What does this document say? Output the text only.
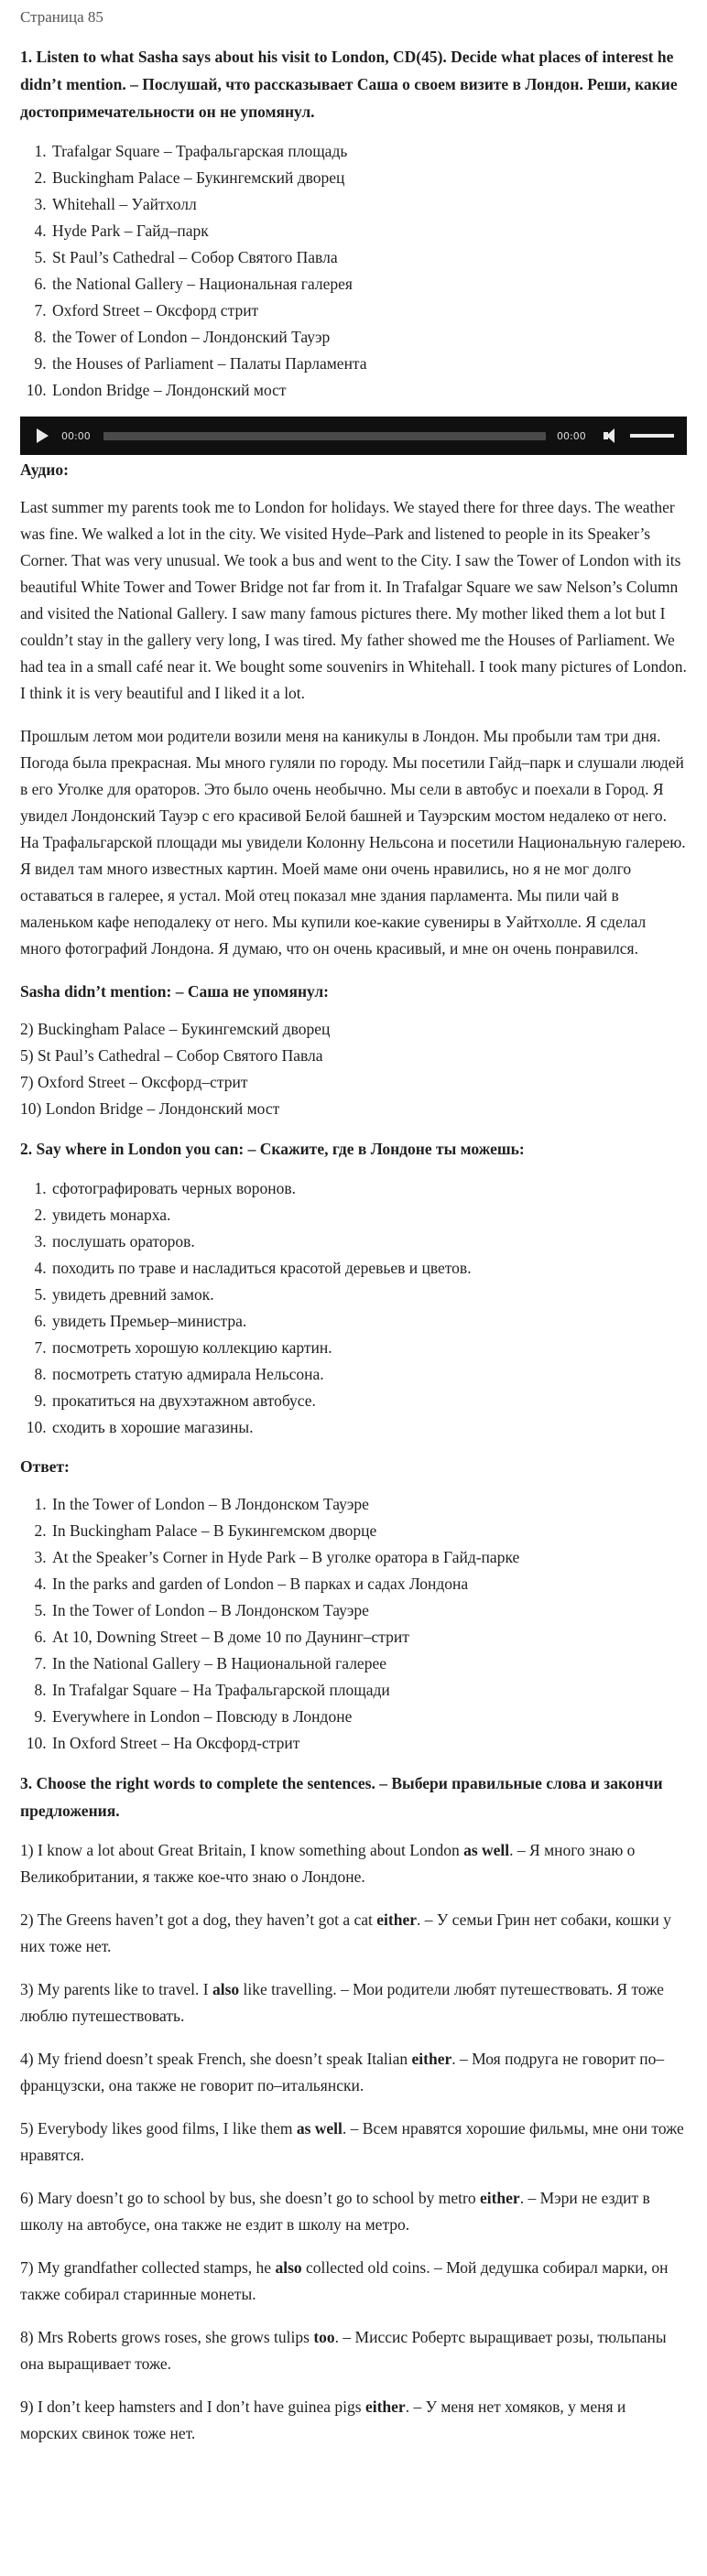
Страница 85
1. Listen to what Sasha says about his visit to London, CD(45). Decide what places of interest he didn’t mention. – Послушай, что рассказывает Саша о своем визите в Лондон. Реши, какие достопримечательности он не упомянул.
1. Trafalgar Square – Трафальгарская площадь
2. Buckingham Palace – Букингемский дворец
3. Whitehall – Уайтхолл
4. Hyde Park – Гайд–парк
5. St Paul’s Cathedral – Собор Святого Павла
6. the National Gallery – Национальная галерея
7. Oxford Street – Оксфорд стрит
8. the Tower of London – Лондонский Тауэр
9. the Houses of Parliament – Палаты Парламента
10. London Bridge – Лондонский мост
00:00	00:00
Аудио:

Last summer my parents took me to London for holidays. We stayed there for three days. The weather was fine. We walked a lot in the city. We visited Hyde–Park and listened to people in its Speaker’s Corner. That was very unusual. We took a bus and went to the City. I saw the Tower of London with its beautiful White Tower and Tower Bridge not far from it. In Trafalgar Square we saw Nelson’s Column and visited the National Gallery. I saw many famous pictures there. My mother liked them a lot but I couldn’t stay in the gallery very long, I was tired. My father showed me the Houses of Parliament. We had tea in a small café near it. We bought some souvenirs in Whitehall. I took many pictures of London. I think it is very beautiful and I liked it a lot.

Прошлым летом мои родители возили меня на каникулы в Лондон. Мы пробыли там три дня. Погода была прекрасная. Мы много гуляли по городу. Мы посетили Гайд–парк и слушали людей в его Уголке для ораторов. Это было очень необычно. Мы сели в автобус и поехали в Город. Я увидел Лондонский Тауэр с его красивой Белой башней и Тауэрским мостом недалеко от него. На Трафальгарской площади мы увидели Колонну Нельсона и посетили Национальную галерею. Я видел там много известных картин. Моей маме они очень нравились, но я не мог долго оставаться в галерее, я устал. Мой отец показал мне здания парламента. Мы пили чай в маленьком кафе неподалеку от него. Мы купили кое-какие сувениры в Уайтхолле. Я сделал много фотографий Лондона. Я думаю, что он очень красивый, и мне он очень понравился.

Sasha didn’t mention: – Саша не упомянул:

2) Buckingham Palace – Букингемский дворец

5) St Paul’s Cathedral – Собор Святого Павла

7) Oxford Street – Оксфорд–стрит

10) London Bridge – Лондонский мост

2. Say where in London you can: – Скажите, где в Лондоне ты можешь:
1. сфотографировать черных воронов.
2. увидеть монарха.
3. послушать ораторов.
4. походить по траве и насладиться красотой деревьев и цветов.
5. увидеть древний замок.
6. увидеть Премьер–министра.
7. посмотреть хорошую коллекцию картин.
8. посмотреть статую адмирала Нельсона.
9. прокатиться на двухэтажном автобусе.
10. сходить в хорошие магазины.
Ответ:
1. In the Tower of London – В Лондонском Тауэре
2. In Buckingham Palace – В Букингемском дворце
3. At the Speaker’s Corner in Hyde Park – В уголке оратора в Гайд-парке
4. In the parks and garden of London – В парках и садах Лондона
5. In the Tower of London – В Лондонском Тауэре
6. At 10, Downing Street – В доме 10 по Даунинг–стрит
7. In the National Gallery – В Национальной галерее
8. In Trafalgar Square – На Трафальгарской площади
9. Everywhere in London – Повсюду в Лондоне
10. In Oxford Street – На Оксфорд-стрит
3. Choose the right words to complete the sentences. – Выбери правильные слова и закончи предложения.

1) I know a lot about Great Britain, I know something about London as well. – Я много знаю о Великобритании, я также кое-что знаю о Лондоне.

2) The Greens haven’t got a dog, they haven’t got a cat either. – У семьи Грин нет собаки, кошки у них тоже нет.

3) My parents like to travel. I also like travelling. – Мои родители любят путешествовать. Я тоже люблю путешествовать.

4) My friend doesn’t speak French, she doesn’t speak Italian either. – Моя подруга не говорит по–французски, она также не говорит по–итальянски.

5) Everybody likes good films, I like them as well. – Всем нравятся хорошие фильмы, мне они тоже нравятся.

6) Mary doesn’t go to school by bus, she doesn’t go to school by metro either. – Мэри не ездит в школу на автобусе, она также не ездит в школу на метро.

7) My grandfather collected stamps, he also collected old coins. – Мой дедушка собирал марки, он также собирал старинные монеты.

8) Mrs Roberts grows roses, she grows tulips too. – Миссис Робертс выращивает розы, тюльпаны она выращивает тоже.

9) I don’t keep hamsters and I don’t have guinea pigs either. – У меня нет хомяков, у меня и морских свинок тоже нет.
